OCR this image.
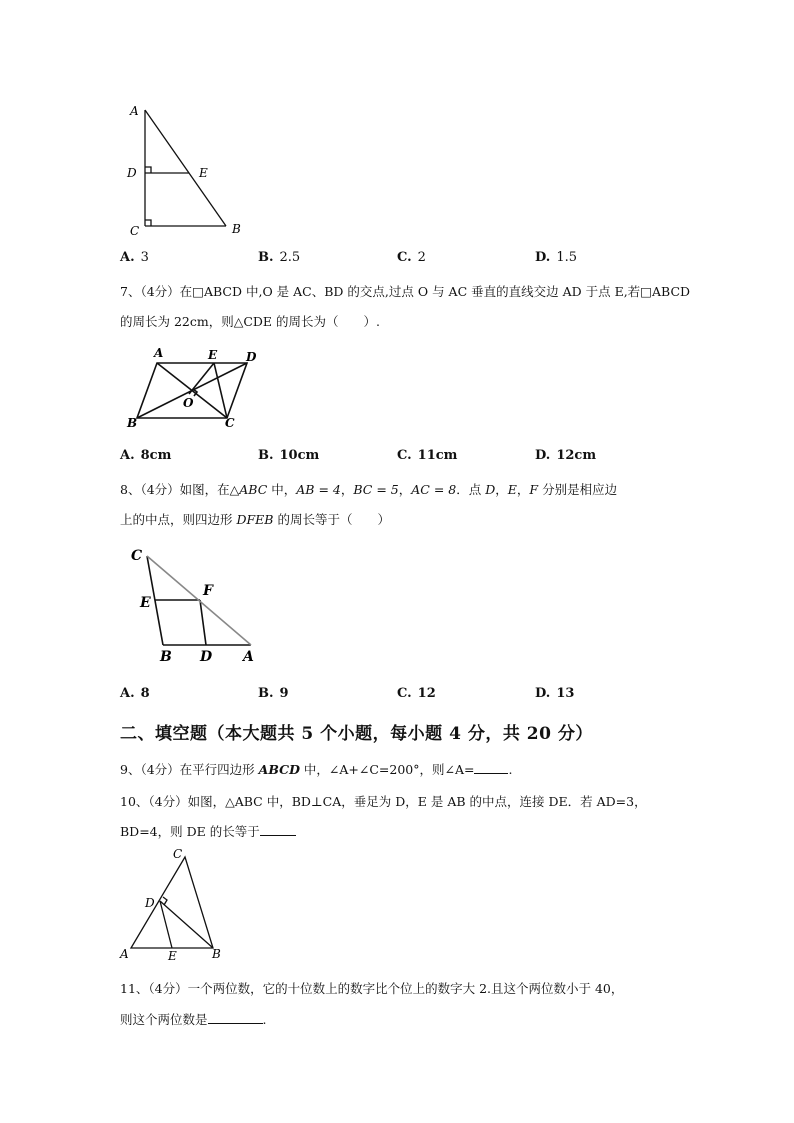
A
D
C
E
B
A. 3	B. 2.5	C. 2	D. 1.5
7、（4分）在□ABCD 中,O 是 AC、BD 的交点,过点 O 与 AC 垂直的直线交边 AD 于点 E,若□ABCD
的周长为 22cm，则△CDE 的周长为（　　）.
A	E D
O
B	C
A. 8cm	B. 10cm	C. 11cm	D. 12cm
8、（4分）如图，在△ABC 中，AB = 4，BC = 5，AC = 8．点 D，E，F 分别是相应边
上的中点，则四边形 DFEB 的周长等于（　　）
C
E
F
B D A
A. 8	B. 9	C. 12	D. 13
二、填空题（本大题共 5 个小题，每小题 4 分，共 20 分）
9、（4分）在平行四边形 ABCD 中，∠A+∠C=200°，则∠A=	.
10、（4分）如图，△ABC 中，BD⊥CA，垂足为 D，E 是 AB 的中点，连接 DE．若 AD=3，
BD=4，则 DE 的长等于
C
D
A	E	B
11、（4分）一个两位数，它的十位数上的数字比个位上的数字大 2.且这个两位数小于 40，
则这个两位数是	.
